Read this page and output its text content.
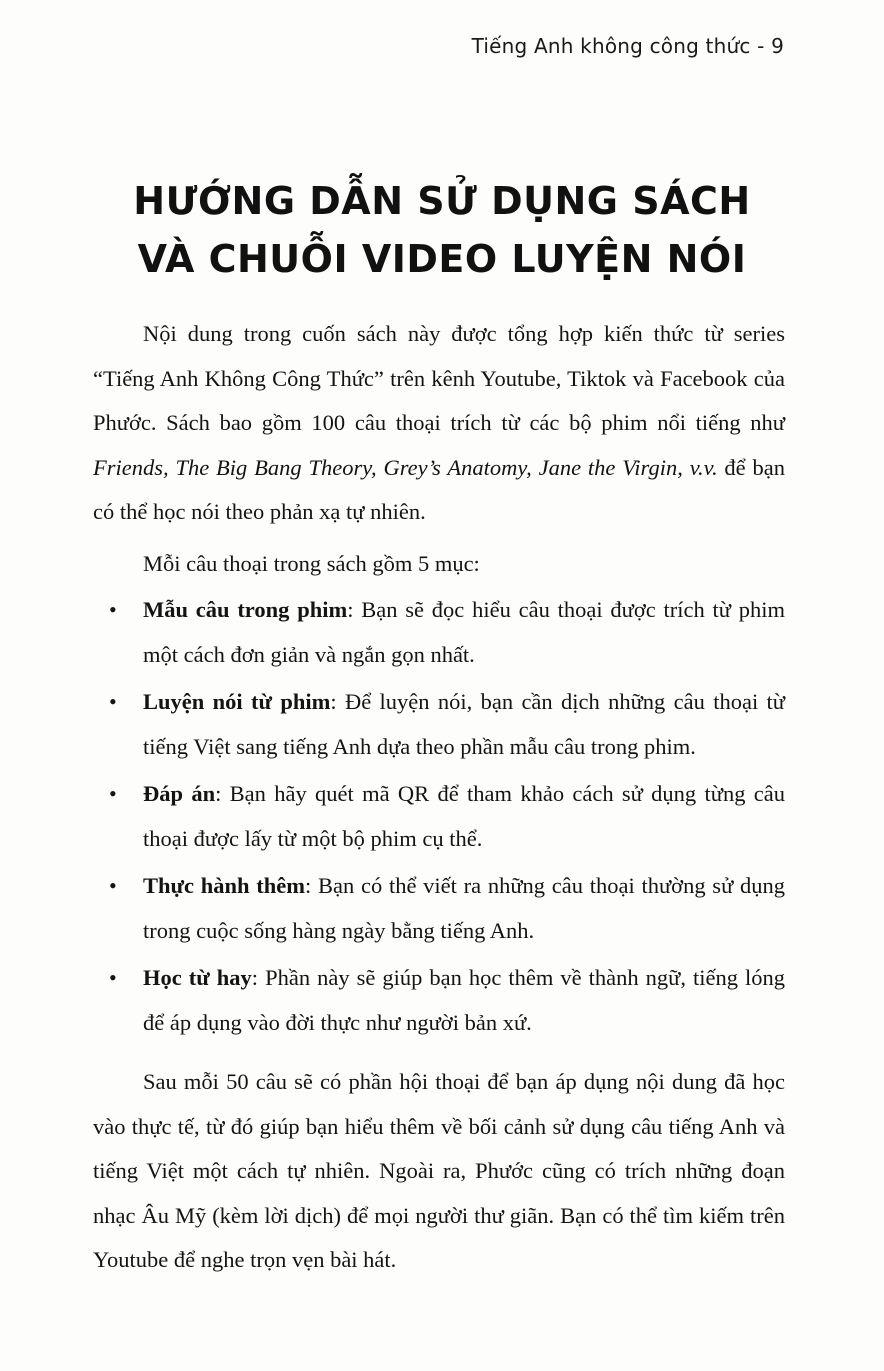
Tiếng Anh không công thức - 9
HƯỚNG DẪN SỬ DỤNG SÁCH
VÀ CHUỖI VIDEO LUYỆN NÓI

Nội dung trong cuốn sách này được tổng hợp kiến thức từ series “Tiếng Anh Không Công Thức” trên kênh Youtube, Tiktok và Facebook của Phước. Sách bao gồm 100 câu thoại trích từ các bộ phim nổi tiếng như Friends, The Big Bang Theory, Grey’s Anatomy, Jane the Virgin, v.v. để bạn có thể học nói theo phản xạ tự nhiên.

Mỗi câu thoại trong sách gồm 5 mục:

• Mẫu câu trong phim: Bạn sẽ đọc hiểu câu thoại được trích từ phim một cách đơn giản và ngắn gọn nhất.
• Luyện nói từ phim: Để luyện nói, bạn cần dịch những câu thoại từ tiếng Việt sang tiếng Anh dựa theo phần mẫu câu trong phim.
• Đáp án: Bạn hãy quét mã QR để tham khảo cách sử dụng từng câu thoại được lấy từ một bộ phim cụ thể.
• Thực hành thêm: Bạn có thể viết ra những câu thoại thường sử dụng trong cuộc sống hàng ngày bằng tiếng Anh.
• Học từ hay: Phần này sẽ giúp bạn học thêm về thành ngữ, tiếng lóng để áp dụng vào đời thực như người bản xứ.

Sau mỗi 50 câu sẽ có phần hội thoại để bạn áp dụng nội dung đã học vào thực tế, từ đó giúp bạn hiểu thêm về bối cảnh sử dụng câu tiếng Anh và tiếng Việt một cách tự nhiên. Ngoài ra, Phước cũng có trích những đoạn nhạc Âu Mỹ (kèm lời dịch) để mọi người thư giãn. Bạn có thể tìm kiếm trên Youtube để nghe trọn vẹn bài hát.
